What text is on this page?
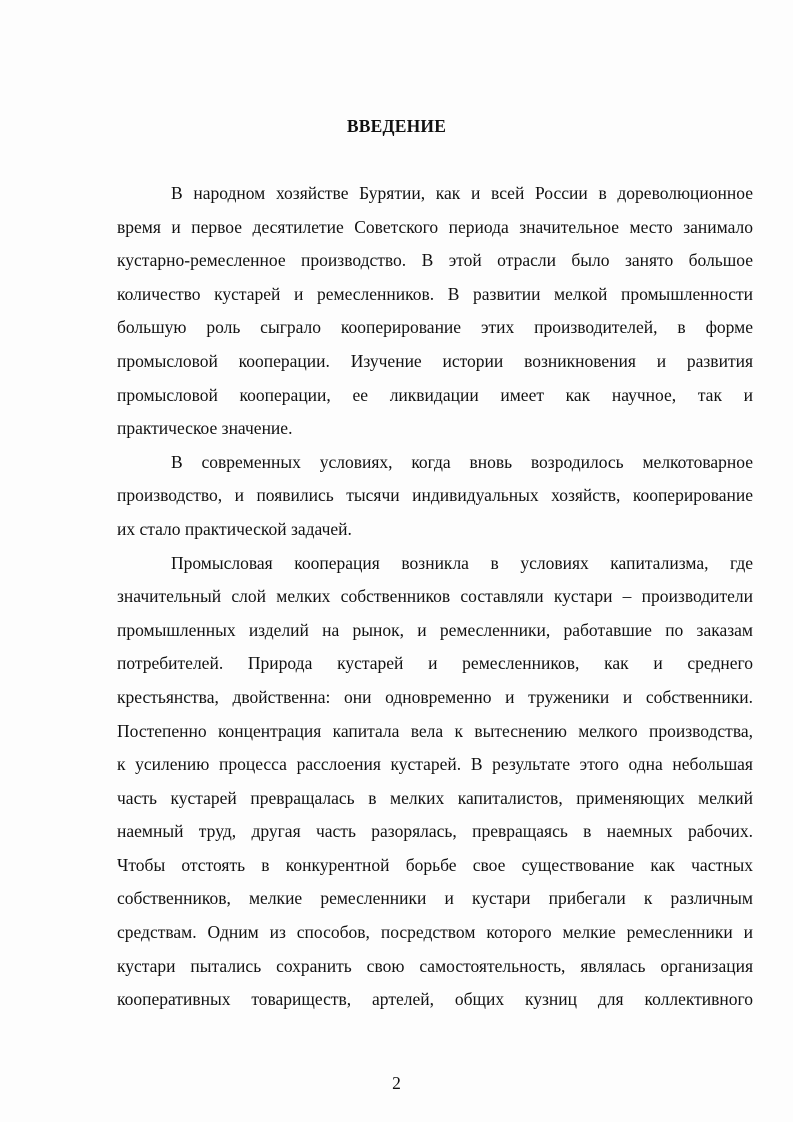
ВВЕДЕНИЕ
В народном хозяйстве Бурятии, как и всей России в дореволюционное
время и первое десятилетие Советского периода значительное место занимало
кустарно-ремесленное производство. В этой отрасли было занято большое
количество кустарей и ремесленников. В развитии мелкой промышленности
большую роль сыграло кооперирование этих производителей, в форме
промысловой кооперации. Изучение истории возникновения и развития
промысловой кооперации, ее ликвидации имеет как научное, так и
практическое значение.
В современных условиях, когда вновь возродилось мелкотоварное
производство, и появились тысячи индивидуальных хозяйств, кооперирование
их стало практической задачей.
Промысловая кооперация возникла в условиях капитализма, где
значительный слой мелких собственников составляли кустари – производители
промышленных изделий на рынок, и ремесленники, работавшие по заказам
потребителей. Природа кустарей и ремесленников, как и среднего
крестьянства, двойственна: они одновременно и труженики и собственники.
Постепенно концентрация капитала вела к вытеснению мелкого производства,
к усилению процесса расслоения кустарей. В результате этого одна небольшая
часть кустарей превращалась в мелких капиталистов, применяющих мелкий
наемный труд, другая часть разорялась, превращаясь в наемных рабочих.
Чтобы отстоять в конкурентной борьбе свое существование как частных
собственников, мелкие ремесленники и кустари прибегали к различным
средствам. Одним из способов, посредством которого мелкие ремесленники и
кустари пытались сохранить свою самостоятельность, являлась организация
кооперативных товариществ, артелей, общих кузниц для коллективного
2
